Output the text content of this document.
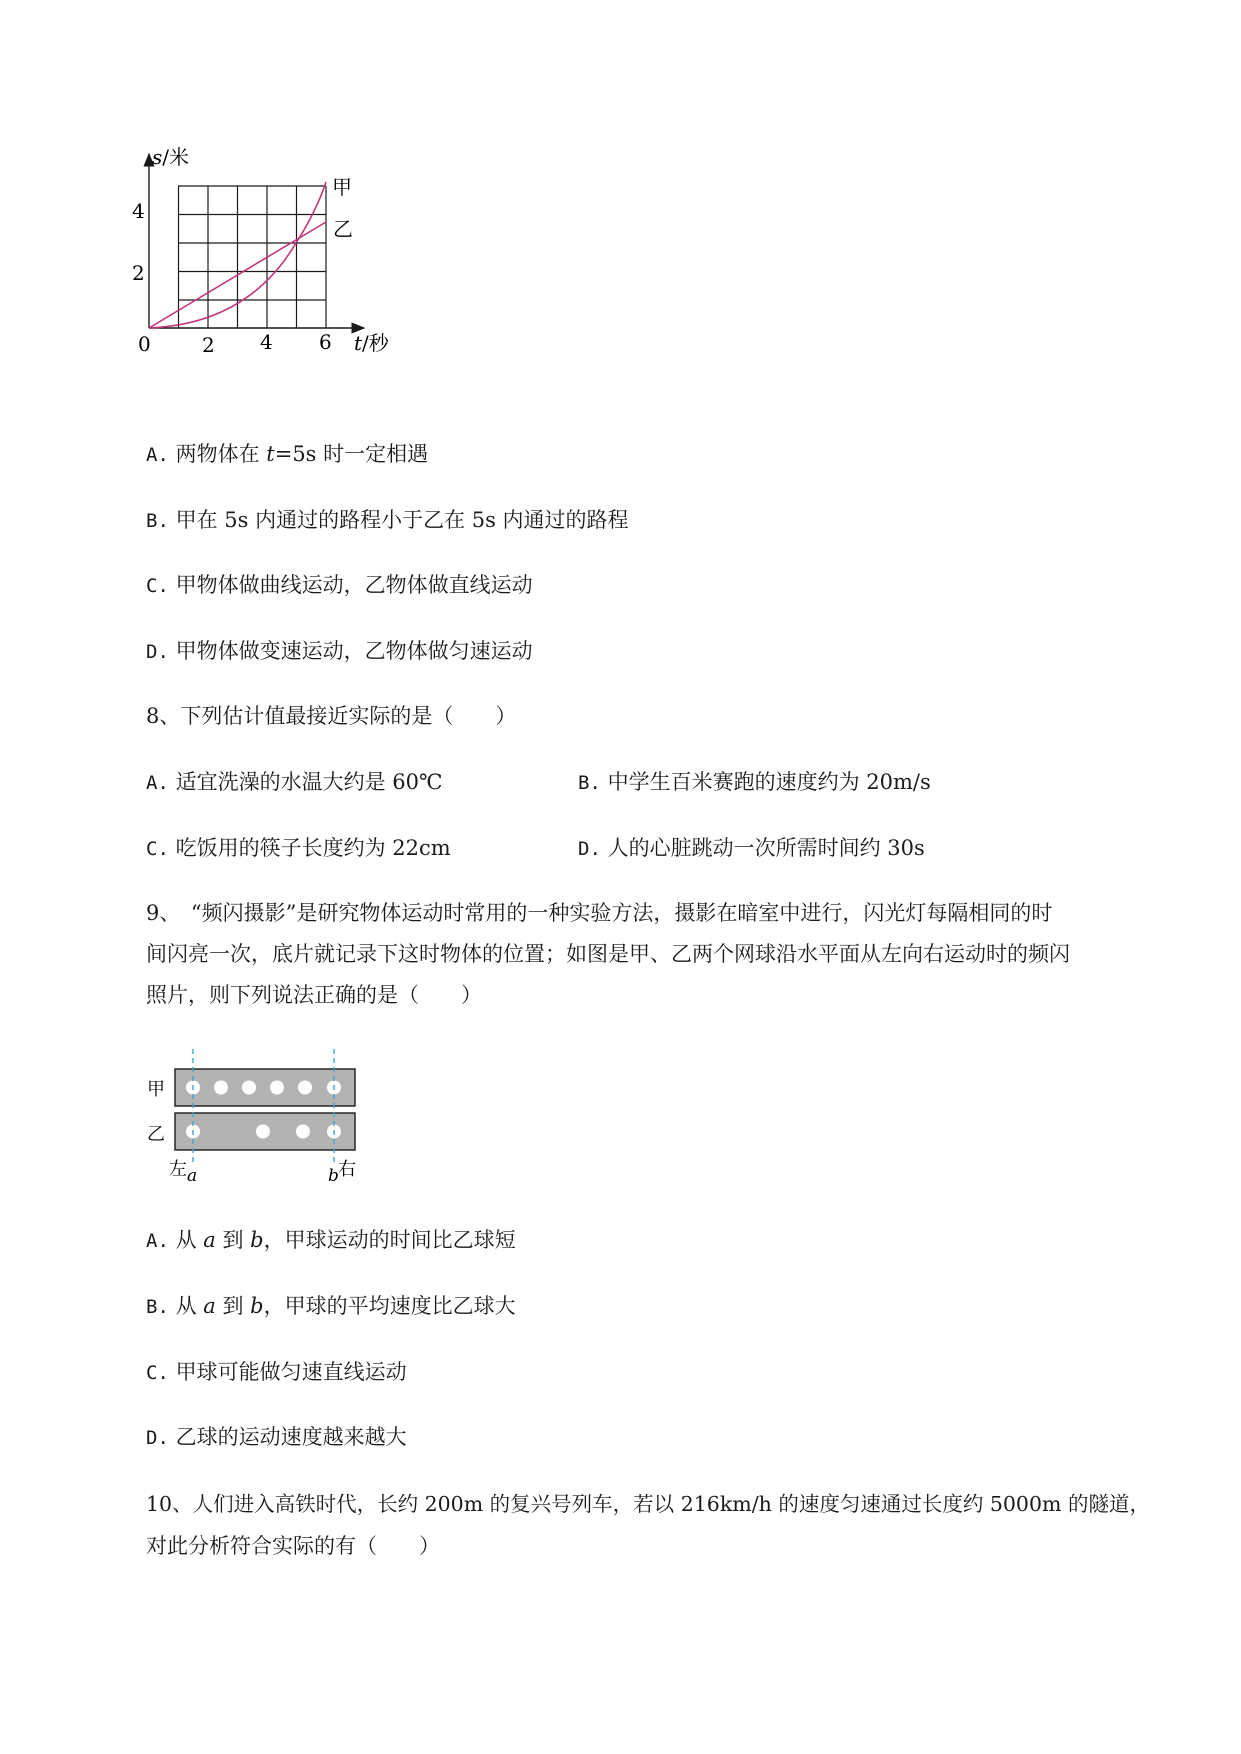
s/米
t/秒
0	2 4 6
2
4
甲
乙
A. 两物体在 t=5s 时一定相遇
B. 甲在 5s 内通过的路程小于乙在 5s 内通过的路程
C. 甲物体做曲线运动，乙物体做直线运动
D. 甲物体做变速运动，乙物体做匀速运动
8、下列估计值最接近实际的是（　　）
A. 适宜洗澡的水温大约是 60℃	B. 中学生百米赛跑的速度约为 20m/s
C. 吃饭用的筷子长度约为 22cm	D. 人的心脏跳动一次所需时间约 30s
9、　“频闪摄影”是研究物体运动时常用的一种实验方法，摄影在暗室中进行，闪光灯每隔相同的时
间闪亮一次，底片就记录下这时物体的位置；如图是甲、乙两个网球沿水平面从左向右运动时的频闪
照片，则下列说法正确的是（　　）
甲
乙
左 a	b 右
A. 从 a 到 b，甲球运动的时间比乙球短
B. 从 a 到 b，甲球的平均速度比乙球大
C. 甲球可能做匀速直线运动
D. 乙球的运动速度越来越大
10、人们进入高铁时代，长约 200m 的复兴号列车，若以 216km/h 的速度匀速通过长度约 5000m 的隧道，
对此分析符合实际的有（　　）
